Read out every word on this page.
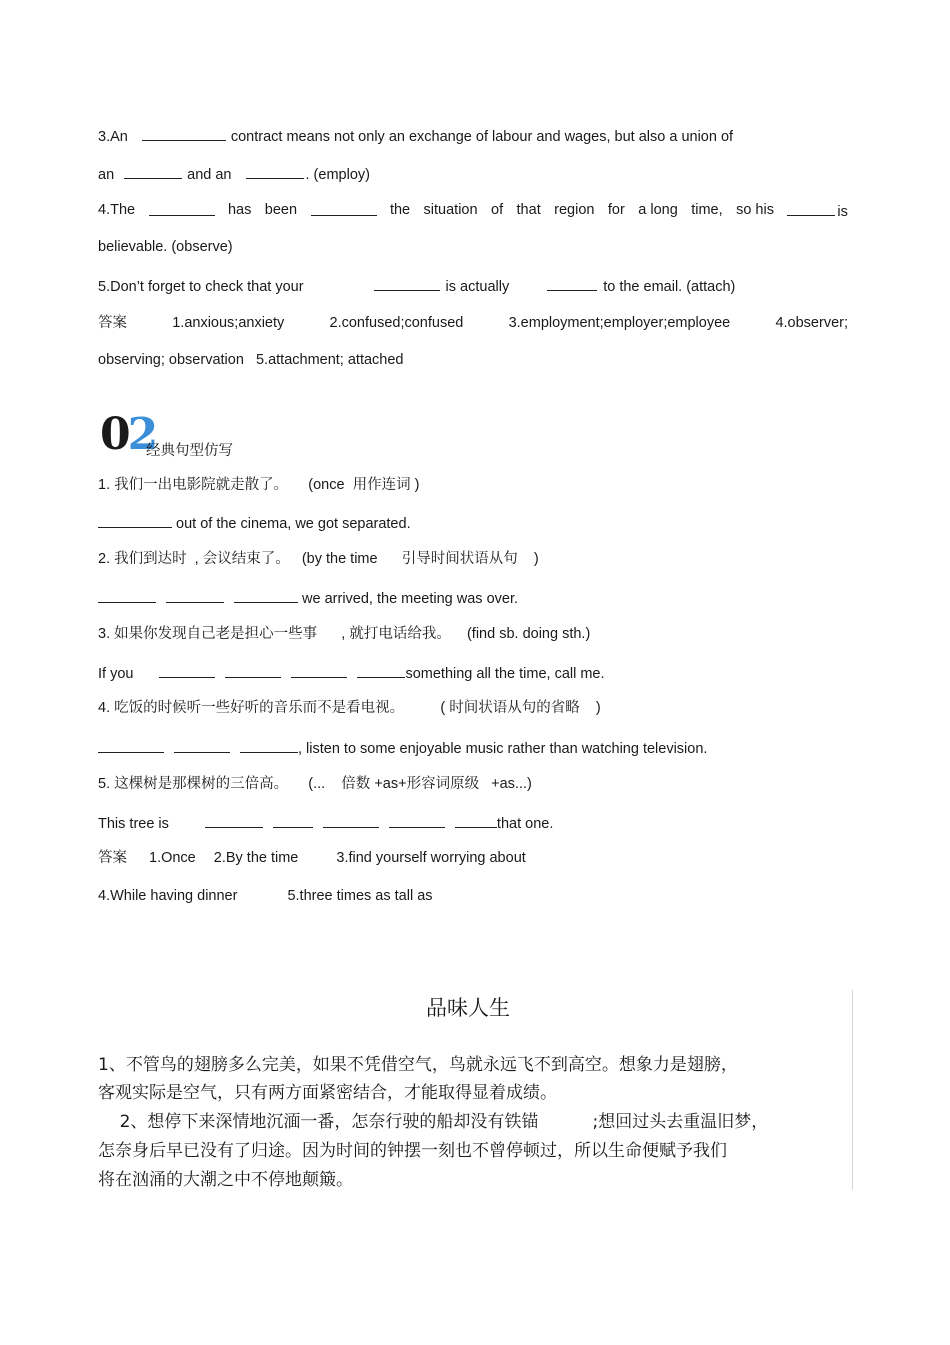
3.An	contract means not only an exchange of labour and wages, but also a union of
an	and an	. (employ)
4.The	has been	the situation of that region for a long time, so his	is
believable. (observe)
5.Don’t forget to check that your	is actually	to the email. (attach)
答案	1.anxious;anxiety	2.confused;confused	3.employment;employer;employee	4.observer;
observing; observation   5.attachment; attached
02
经典句型仿写
1. 我们一出电影院就走散了。     (once  用作连词 )
out of the cinema, we got separated.
2. 我们到达时  , 会议结束了。   (by the time      引导时间状语从句    )
we arrived, the meeting was over.
3. 如果你发现自己老是担心一些事      , 就打电话给我。    (find sb. doing sth.)
If you	something all the time, call me.
4. 吃饭的时候听一些好听的音乐而不是看电视。         ( 时间状语从句的省略    )
, listen to some enjoyable music rather than watching television.
5. 这棵树是那棵树的三倍高。     (...    倍数 +as+形容词原级   +as...)
This tree is	that one.
答案 1.Once 2.By the time	3.find yourself worrying about
4.While having dinner	5.three times as tall as
品味人生
1、不管鸟的翅膀多么完美，如果不凭借空气，鸟就永远飞不到高空。想象力是翅膀，
客观实际是空气，只有两方面紧密结合，才能取得显着成绩。
2、想停下来深情地沉湎一番，怎奈行驶的船却没有铁锚          ;想回过头去重温旧梦，
怎奈身后早已没有了归途。因为时间的钟摆一刻也不曾停顿过，所以生命便赋予我们
将在汹涌的大潮之中不停地颠簸。
